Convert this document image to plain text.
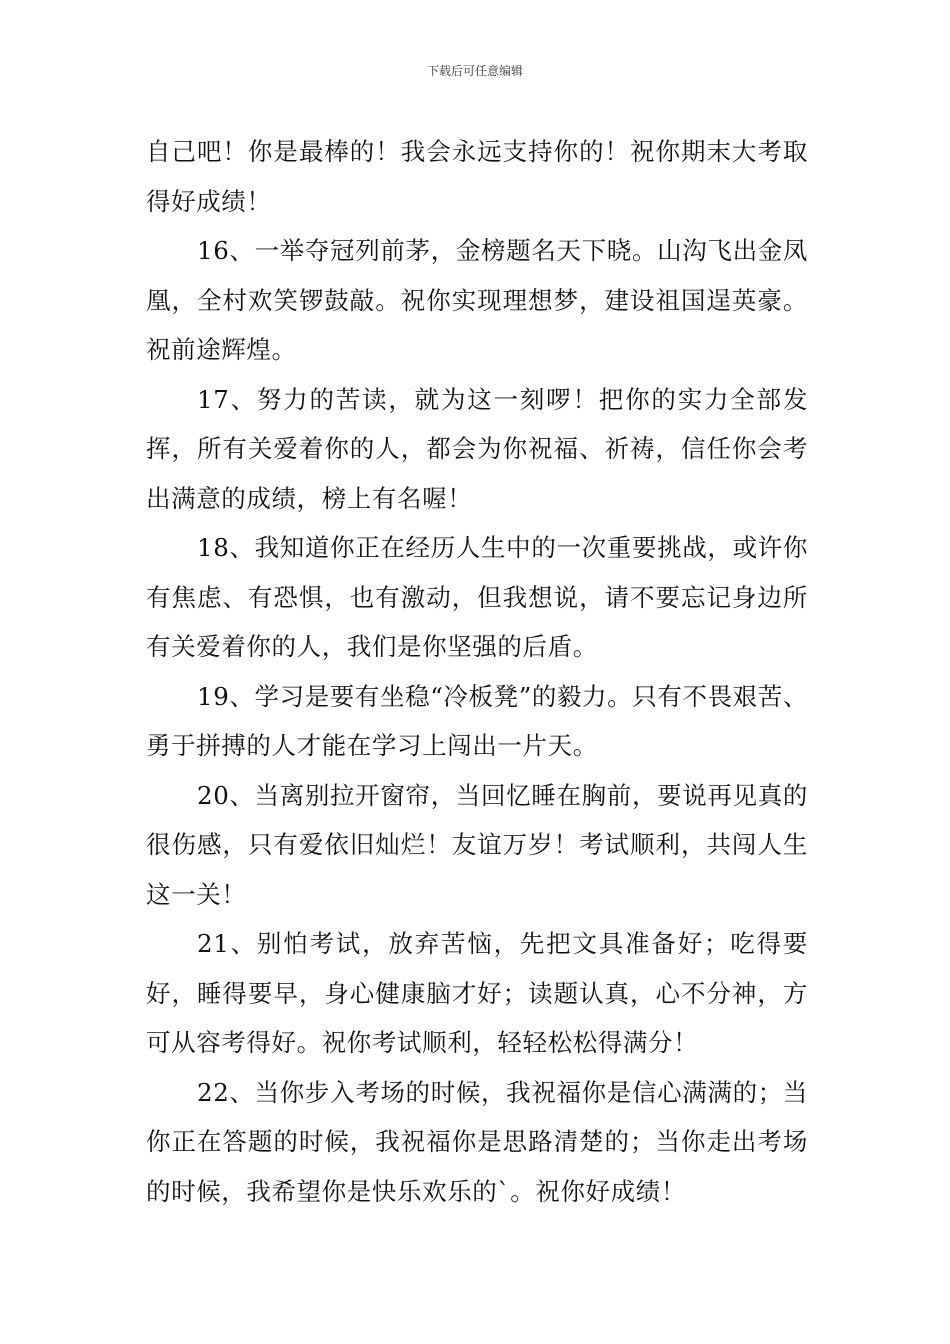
下载后可任意编辑

自己吧！你是最棒的！我会永远支持你的！祝你期末大考取得好成绩！

16、一举夺冠列前茅，金榜题名天下晓。山沟飞出金凤凰，全村欢笑锣鼓敲。祝你实现理想梦，建设祖国逞英豪。祝前途辉煌。

17、努力的苦读，就为这一刻啰！把你的实力全部发挥，所有关爱着你的人，都会为你祝福、祈祷，信任你会考出满意的成绩，榜上有名喔！

18、我知道你正在经历人生中的一次重要挑战，或许你有焦虑、有恐惧，也有激动，但我想说，请不要忘记身边所有关爱着你的人，我们是你坚强的后盾。

19、学习是要有坐稳“冷板凳”的毅力。只有不畏艰苦、勇于拼搏的人才能在学习上闯出一片天。

20、当离别拉开窗帘，当回忆睡在胸前，要说再见真的很伤感，只有爱依旧灿烂！友谊万岁！考试顺利，共闯人生这一关！

21、别怕考试，放弃苦恼，先把文具准备好；吃得要好，睡得要早，身心健康脑才好；读题认真，心不分神，方可从容考得好。祝你考试顺利，轻轻松松得满分！

22、当你步入考场的时候，我祝福你是信心满满的；当你正在答题的时候，我祝福你是思路清楚的；当你走出考场的时候，我希望你是快乐欢乐的`。祝你好成绩！
